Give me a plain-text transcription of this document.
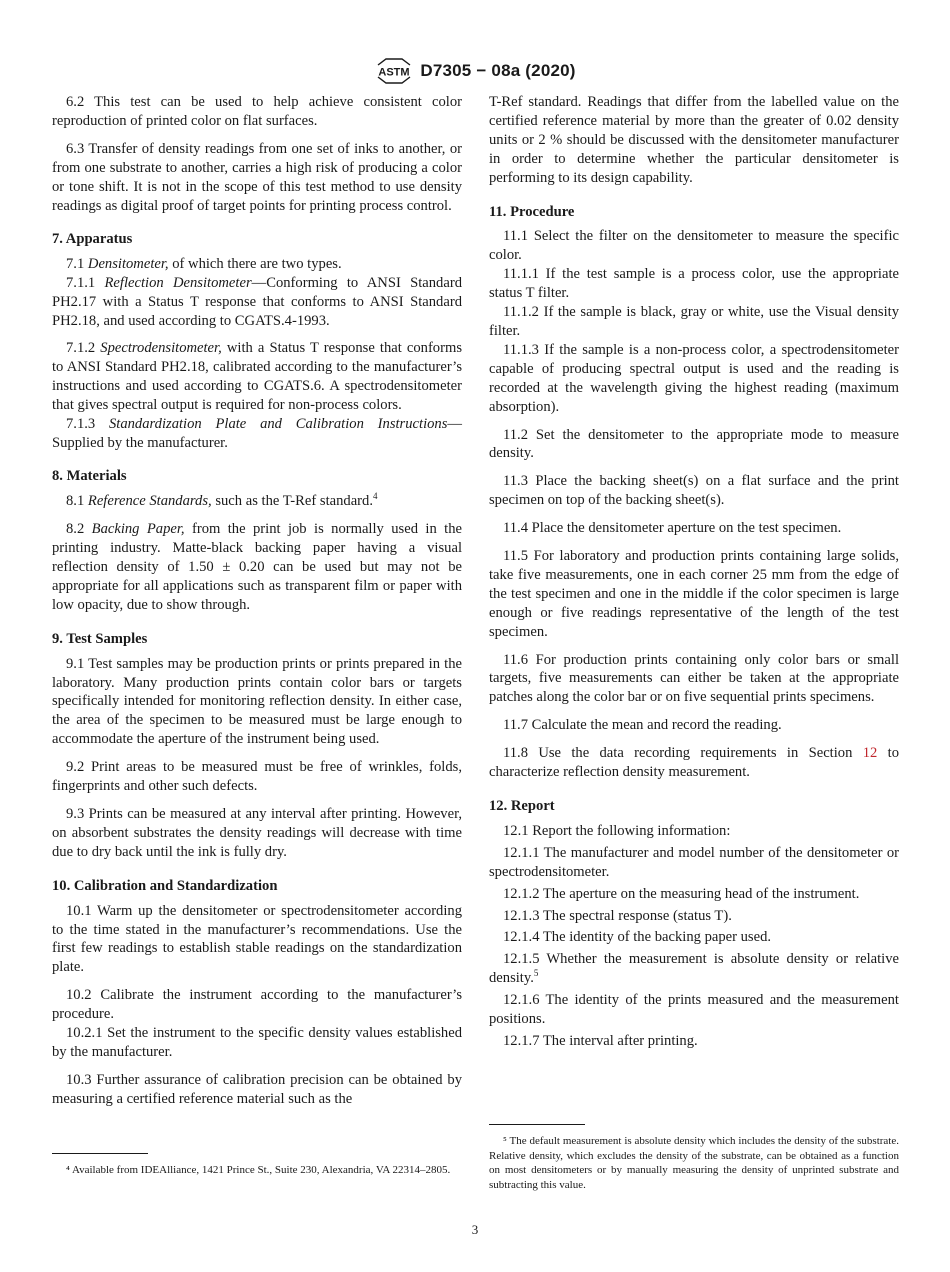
ASTM D7305 − 08a (2020)

6.2 This test can be used to help achieve consistent color reproduction of printed color on flat surfaces.

6.3 Transfer of density readings from one set of inks to another, or from one substrate to another, carries a high risk of producing a color or tone shift. It is not in the scope of this test method to use density readings as digital proof of target points for printing process control.

7. Apparatus

7.1 Densitometer, of which there are two types.

7.1.1 Reflection Densitometer—Conforming to ANSI Standard PH2.17 with a Status T response that conforms to ANSI Standard PH2.18, and used according to CGATS.4-1993.

7.1.2 Spectrodensitometer, with a Status T response that conforms to ANSI Standard PH2.18, calibrated according to the manufacturer’s instructions and used according to CGATS.6. A spectrodensitometer that gives spectral output is required for non-process colors.

7.1.3 Standardization Plate and Calibration Instructions—Supplied by the manufacturer.

8. Materials

8.1 Reference Standards, such as the T-Ref standard.$^4$

8.2 Backing Paper, from the print job is normally used in the printing industry. Matte-black backing paper having a visual reflection density of 1.50 ± 0.20 can be used but may not be appropriate for all applications such as transparent film or paper with low opacity, due to show through.

9. Test Samples

9.1 Test samples may be production prints or prints prepared in the laboratory. Many production prints contain color bars or targets specifically intended for monitoring reflection density. In either case, the area of the specimen to be measured must be large enough to accommodate the aperture of the instrument being used.

9.2 Print areas to be measured must be free of wrinkles, folds, fingerprints and other such defects.

9.3 Prints can be measured at any interval after printing. However, on absorbent substrates the density readings will decrease with time due to dry back until the ink is fully dry.

10. Calibration and Standardization

10.1 Warm up the densitometer or spectrodensitometer according to the time stated in the manufacturer’s recommendations. Use the first few readings to establish stable readings on the standardization plate.

10.2 Calibrate the instrument according to the manufacturer’s procedure.

10.2.1 Set the instrument to the specific density values established by the manufacturer.

10.3 Further assurance of calibration precision can be obtained by measuring a certified reference material such as the

⁴ Available from IDEAlliance, 1421 Prince St., Suite 230, Alexandria, VA 22314–2805.

T-Ref standard. Readings that differ from the labelled value on the certified reference material by more than the greater of 0.02 density units or 2 % should be discussed with the densitometer manufacturer in order to determine whether the particular densitometer is performing to its design capability.

11. Procedure

11.1 Select the filter on the densitometer to measure the specific color.

11.1.1 If the test sample is a process color, use the appropriate status T filter.

11.1.2 If the sample is black, gray or white, use the Visual density filter.

11.1.3 If the sample is a non-process color, a spectrodensitometer capable of producing spectral output is used and the reading is recorded at the wavelength giving the highest reading (maximum absorption).

11.2 Set the densitometer to the appropriate mode to measure density.

11.3 Place the backing sheet(s) on a flat surface and the print specimen on top of the backing sheet(s).

11.4 Place the densitometer aperture on the test specimen.

11.5 For laboratory and production prints containing large solids, take five measurements, one in each corner 25 mm from the edge of the test specimen and one in the middle if the color specimen is large enough or five readings representative of the length of the test specimen.

11.6 For production prints containing only color bars or small targets, five measurements can either be taken at the appropriate patches along the color bar or on five sequential prints specimens.

11.7 Calculate the mean and record the reading.

11.8 Use the data recording requirements in Section 12 to characterize reflection density measurement.

12. Report

12.1 Report the following information:

12.1.1 The manufacturer and model number of the densitometer or spectrodensitometer.

12.1.2 The aperture on the measuring head of the instrument.

12.1.3 The spectral response (status T).

12.1.4 The identity of the backing paper used.

12.1.5 Whether the measurement is absolute density or relative density.$^5$

12.1.6 The identity of the prints measured and the measurement positions.

12.1.7 The interval after printing.

⁵ The default measurement is absolute density which includes the density of the substrate. Relative density, which excludes the density of the substrate, can be obtained as a function on most densitometers or by manually measuring the density of unprinted substrate and subtracting this value.
3
